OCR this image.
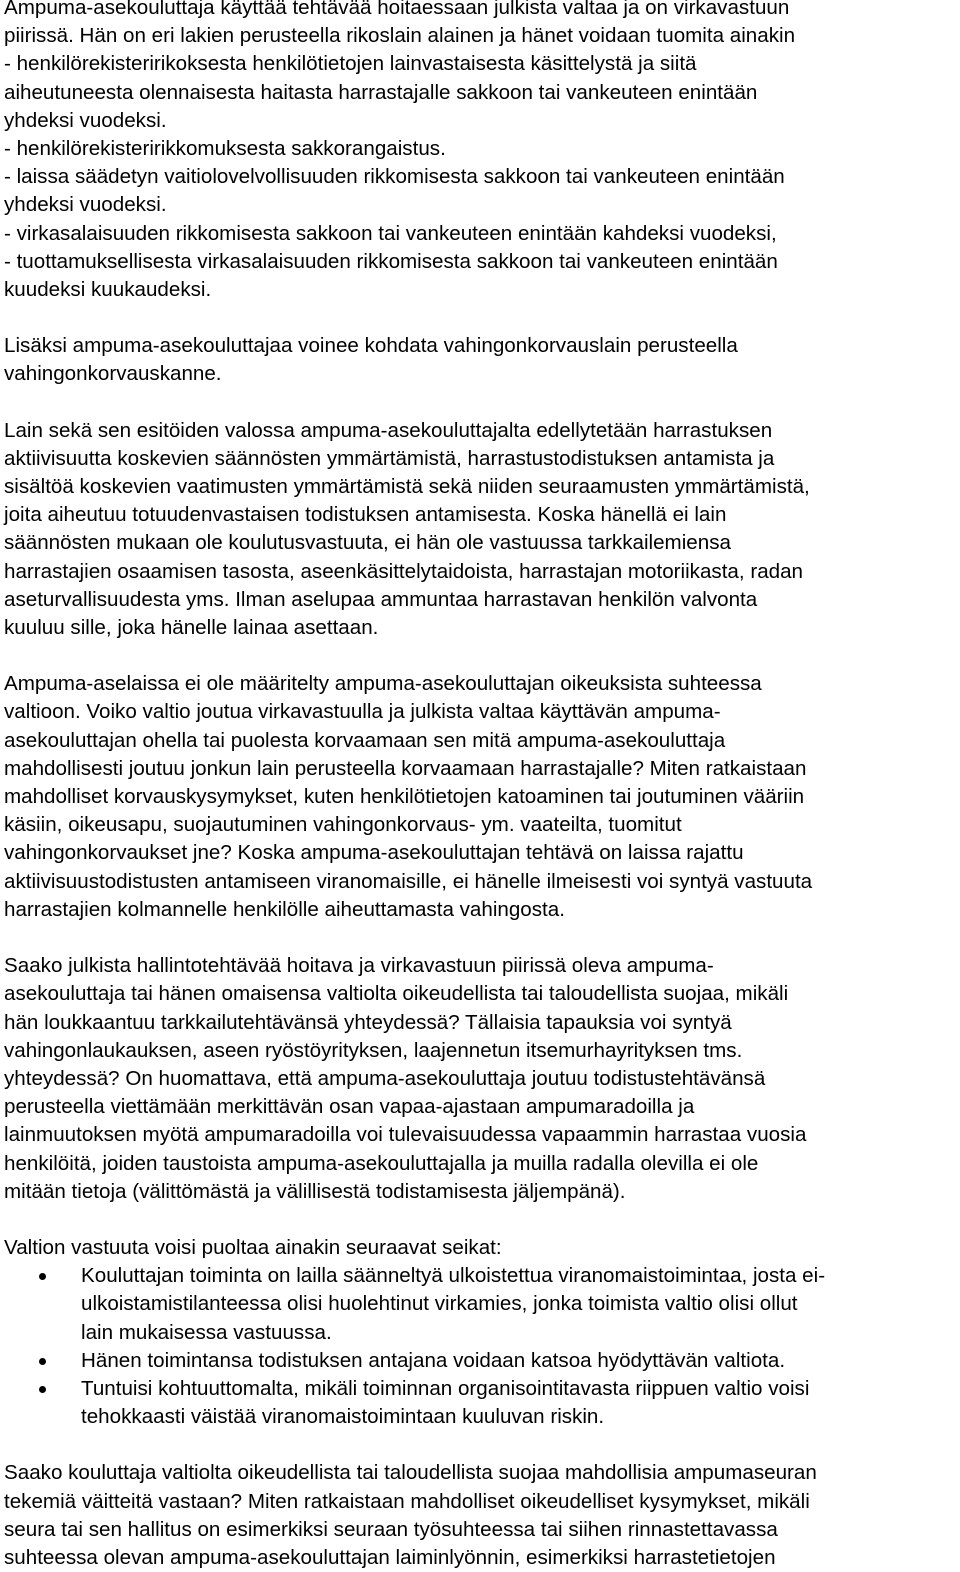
Ampuma-asekouluttaja käyttää tehtävää hoitaessaan julkista valtaa ja on virkavastuun
piirissä. Hän on eri lakien perusteella rikoslain alainen ja hänet voidaan tuomita ainakin
- henkilörekisteririkoksesta henkilötietojen lainvastaisesta käsittelystä ja siitä
aiheutuneesta olennaisesta haitasta harrastajalle sakkoon tai vankeuteen enintään
yhdeksi vuodeksi.
- henkilörekisteririkkomuksesta sakkorangaistus.
- laissa säädetyn vaitiolovelvollisuuden rikkomisesta sakkoon tai vankeuteen enintään
yhdeksi vuodeksi.
- virkasalaisuuden rikkomisesta sakkoon tai vankeuteen enintään kahdeksi vuodeksi,
- tuottamuksellisesta virkasalaisuuden rikkomisesta sakkoon tai vankeuteen enintään
kuudeksi kuukaudeksi.

Lisäksi ampuma-asekouluttajaa voinee kohdata vahingonkorvauslain perusteella
vahingonkorvauskanne.

Lain sekä sen esitöiden valossa ampuma-asekouluttajalta edellytetään harrastuksen
aktiivisuutta koskevien säännösten ymmärtämistä, harrastustodistuksen antamista ja
sisältöä koskevien vaatimusten ymmärtämistä sekä niiden seuraamusten ymmärtämistä,
joita aiheutuu totuudenvastaisen todistuksen antamisesta. Koska hänellä ei lain
säännösten mukaan ole koulutusvastuuta, ei hän ole vastuussa tarkkailemiensa
harrastajien osaamisen tasosta, aseenkäsittelytaidoista, harrastajan motoriikasta, radan
aseturvallisuudesta yms. Ilman aselupaa ammuntaa harrastavan henkilön valvonta
kuuluu sille, joka hänelle lainaa asettaan.

Ampuma-aselaissa ei ole määritelty ampuma-asekouluttajan oikeuksista suhteessa
valtioon. Voiko valtio joutua virkavastuulla ja julkista valtaa käyttävän ampuma-
asekouluttajan ohella tai puolesta korvaamaan sen mitä ampuma-asekouluttaja
mahdollisesti joutuu jonkun lain perusteella korvaamaan harrastajalle? Miten ratkaistaan
mahdolliset korvauskysymykset, kuten henkilötietojen katoaminen tai joutuminen vääriin
käsiin, oikeusapu, suojautuminen vahingonkorvaus- ym. vaateilta, tuomitut
vahingonkorvaukset jne? Koska ampuma-asekouluttajan tehtävä on laissa rajattu
aktiivisuustodistusten antamiseen viranomaisille, ei hänelle ilmeisesti voi syntyä vastuuta
harrastajien kolmannelle henkilölle aiheuttamasta vahingosta.

Saako julkista hallintotehtävää hoitava ja virkavastuun piirissä oleva ampuma-
asekouluttaja tai hänen omaisensa valtiolta oikeudellista tai taloudellista suojaa, mikäli
hän loukkaantuu tarkkailutehtävänsä yhteydessä? Tällaisia tapauksia voi syntyä
vahingonlaukauksen, aseen ryöstöyrityksen, laajennetun itsemurhayrityksen tms.
yhteydessä? On huomattava, että ampuma-asekouluttaja joutuu todistustehtävänsä
perusteella viettämään merkittävän osan vapaa-ajastaan ampumaradoilla ja
lainmuutoksen myötä ampumaradoilla voi tulevaisuudessa vapaammin harrastaa vuosia
henkilöitä, joiden taustoista ampuma-asekouluttajalla ja muilla radalla olevilla ei ole
mitään tietoja (välittömästä ja välillisestä todistamisesta jäljempänä).

Valtion vastuuta voisi puoltaa ainakin seuraavat seikat:
Kouluttajan toiminta on lailla säänneltyä ulkoistettua viranomaistoimintaa, josta ei-
ulkoistamistilanteessa olisi huolehtinut virkamies, jonka toimista valtio olisi ollut
lain mukaisessa vastuussa.
Hänen toimintansa todistuksen antajana voidaan katsoa hyödyttävän valtiota.
Tuntuisi kohtuuttomalta, mikäli toiminnan organisointitavasta riippuen valtio voisi
tehokkaasti väistää viranomaistoimintaan kuuluvan riskin.

Saako kouluttaja valtiolta oikeudellista tai taloudellista suojaa mahdollisia ampumaseuran
tekemiä väitteitä vastaan? Miten ratkaistaan mahdolliset oikeudelliset kysymykset, mikäli
seura tai sen hallitus on esimerkiksi seuraan työsuhteessa tai siihen rinnastettavassa
suhteessa olevan ampuma-asekouluttajan laiminlyönnin, esimerkiksi harrastetietojen
